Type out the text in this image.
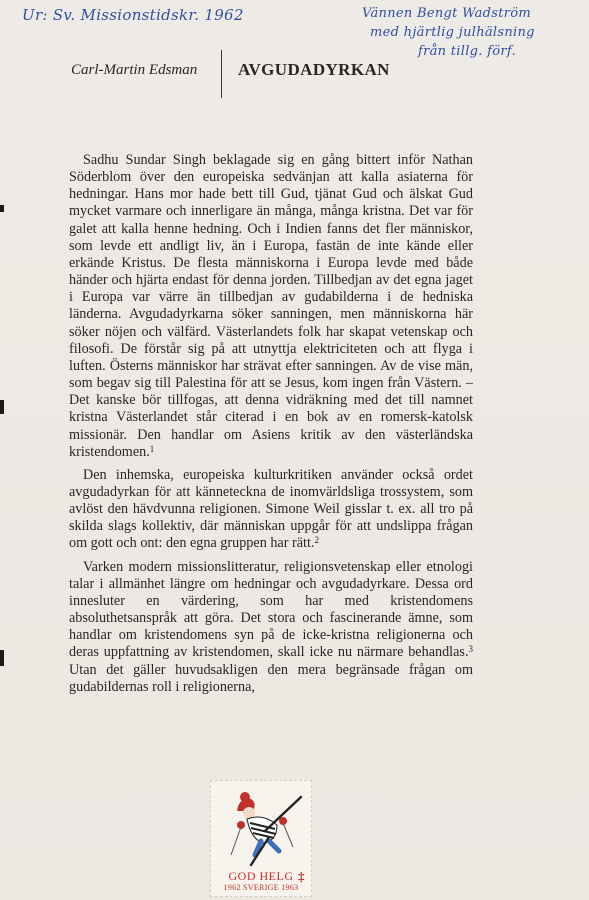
Ur: Sv. Missionstidskr. 1962	Vännen Bengt Wadström
med hjärtlig julhälsning
från tillg. förf.
Carl-Martin Edsman AVGUDADYRKAN

Sadhu Sundar Singh beklagade sig en gång bittert inför Nathan Söderblom över den europeiska sedvänjan att kalla asiaterna för hedningar. Hans mor hade bett till Gud, tjänat Gud och älskat Gud mycket varmare och innerligare än många, många kristna. Det var för galet att kalla henne hedning. Och i Indien fanns det fler människor, som levde ett andligt liv, än i Europa, fastän de inte kände eller erkände Kristus. De flesta människorna i Europa levde med både händer och hjärta endast för denna jorden. Tillbedjan av det egna jaget i Europa var värre än tillbedjan av gudabilderna i de hedniska länderna. Avgudadyrkarna söker sanningen, men människorna här söker nöjen och välfärd. Västerlandets folk har skapat vetenskap och filosofi. De förstår sig på att utnyttja elektriciteten och att flyga i luften. Österns människor har strävat efter sanningen. Av de vise män, som begav sig till Palestina för att se Jesus, kom ingen från Västern. – Det kanske bör tillfogas, att denna vidräkning med det till namnet kristna Västerlandet står citerad i en bok av en romersk-katolsk missionär. Den handlar om Asiens kritik av den västerländska kristendomen.$^1$

Den inhemska, europeiska kulturkritiken använder också ordet avgudadyrkan för att känneteckna de inomvärldsliga trossystem, som avlöst den hävdvunna religionen. Simone Weil gisslar t. ex. all tro på skilda slags kollektiv, där människan uppgår för att undslippa frågan om gott och ont: den egna gruppen har rätt.$^2$

Varken modern missionslitteratur, religionsvetenskap eller etnologi talar i allmänhet längre om hedningar och avgudadyrkare. Dessa ord innesluter en värdering, som har med kristendomens absoluthetsanspråk att göra. Det stora och fascinerande ämne, som handlar om kristendomens syn på de icke-kristna religionerna och deras uppfattning av kristendomen, skall icke nu närmare behandlas.$^3$ Utan det gäller huvudsakligen den mera begränsade frågan om gudabildernas roll i religionerna,

GOD HELG ‡
1962 SVERIGE 1963
